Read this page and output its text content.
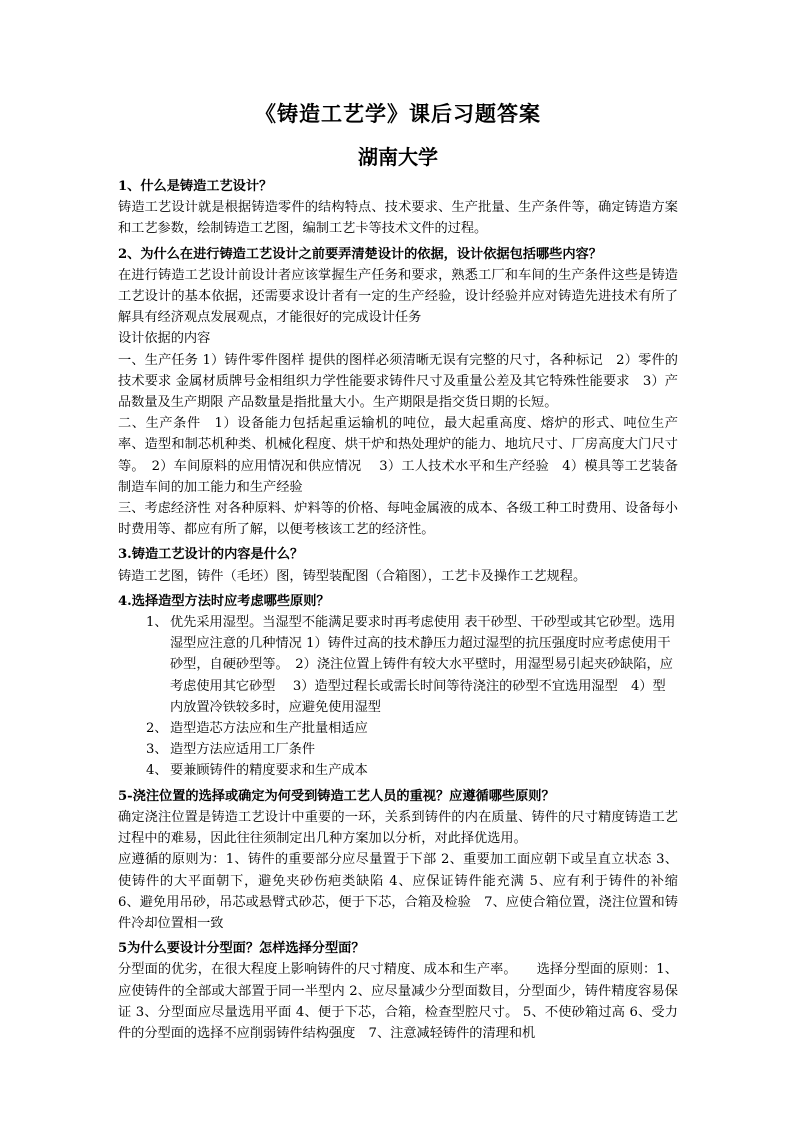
《铸造工艺学》课后习题答案
湖南大学
1、什么是铸造工艺设计？
铸造工艺设计就是根据铸造零件的结构特点、技术要求、生产批量、生产条件等，确定铸造方案和工艺参数，绘制铸造工艺图，编制工艺卡等技术文件的过程。
2、为什么在进行铸造工艺设计之前要弄清楚设计的依据，设计依据包括哪些内容？
在进行铸造工艺设计前设计者应该掌握生产任务和要求，熟悉工厂和车间的生产条件这些是铸造工艺设计的基本依据，还需要求设计者有一定的生产经验，设计经验并应对铸造先进技术有所了解具有经济观点发展观点，才能很好的完成设计任务
设计依据的内容
一、生产任务 1）铸件零件图样 提供的图样必须清晰无误有完整的尺寸，各种标记　2）零件的技术要求 金属材质牌号金相组织力学性能要求铸件尺寸及重量公差及其它特殊性能要求　3）产品数量及生产期限 产品数量是指批量大小。生产期限是指交货日期的长短。
二、生产条件　1）设备能力包括起重运输机的吨位，最大起重高度、熔炉的形式、吨位生产率、造型和制芯机种类、机械化程度、烘干炉和热处理炉的能力、地坑尺寸、厂房高度大门尺寸等。　2）车间原料的应用情况和供应情况　 3）工人技术水平和生产经验　4）模具等工艺装备制造车间的加工能力和生产经验
三、考虑经济性 对各种原料、炉料等的价格、每吨金属液的成本、各级工种工时费用、设备每小时费用等、都应有所了解，以便考核该工艺的经济性。
3.铸造工艺设计的内容是什么？
铸造工艺图，铸件（毛坯）图，铸型装配图（合箱图），工艺卡及操作工艺规程。
4.选择造型方法时应考虑哪些原则？
1、 优先采用湿型。当湿型不能满足要求时再考虑使用 表干砂型、干砂型或其它砂型。选用湿型应注意的几种情况 1）铸件过高的技术静压力超过湿型的抗压强度时应考虑使用干砂型，自硬砂型等。　2）浇注位置上铸件有较大水平壁时，用湿型易引起夹砂缺陷，应考虑使用其它砂型　 3）造型过程长或需长时间等待浇注的砂型不宜选用湿型　4）型内放置冷铁较多时，应避免使用湿型
2、 造型造芯方法应和生产批量相适应
3、 造型方法应适用工厂条件
4、 要兼顾铸件的精度要求和生产成本
5-浇注位置的选择或确定为何受到铸造工艺人员的重视？应遵循哪些原则？
确定浇注位置是铸造工艺设计中重要的一环，关系到铸件的内在质量、铸件的尺寸精度铸造工艺过程中的难易，因此往往须制定出几种方案加以分析，对此择优选用。
应遵循的原则为：1、铸件的重要部分应尽量置于下部 2、重要加工面应朝下或呈直立状态 3、使铸件的大平面朝下，避免夹砂伤疤类缺陷 4、应保证铸件能充满 5、应有利于铸件的补缩　6、避免用吊砂，吊芯或悬臂式砂芯，便于下芯，合箱及检验　7、应使合箱位置，浇注位置和铸件冷却位置相一致
5为什么要设计分型面？怎样选择分型面？
分型面的优劣，在很大程度上影响铸件的尺寸精度、成本和生产率。　　选择分型面的原则：1、应使铸件的全部或大部置于同一半型内 2、应尽量减少分型面数目，分型面少，铸件精度容易保证 3、分型面应尽量选用平面 4、便于下芯，合箱，检查型腔尺寸。 5、不使砂箱过高 6、受力件的分型面的选择不应削弱铸件结构强度　7、注意减轻铸件的清理和机
